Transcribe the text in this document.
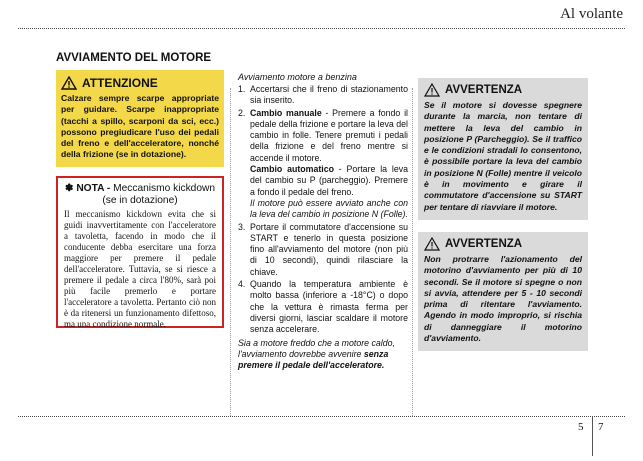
Al volante
AVVIAMENTO DEL MOTORE
ATTENZIONE
Calzare sempre scarpe appropriate per guidare. Scarpe inappropriate (tacchi a spillo, scarponi da sci, ecc.) possono pregiudicare l'uso dei pedali del freno e dell'acceleratore, nonché della frizione (se in dotazione).
✽ NOTA - Meccanismo kickdown
(se in dotazione)
Il meccanismo kickdown evita che si guidi inavvertitamente con l'acceleratore a tavoletta, facendo in modo che il conducente debba esercitare una forza maggiore per premere il pedale dell'acceleratore. Tuttavia, se si riesce a premere il pedale a circa l'80%, sarà poi più facile premerlo e portare l'acceleratore a tavoletta. Pertanto ciò non è da ritenersi un funzionamento difettoso, ma una condizione normale.
Avviamento motore a benzina
1. Accertarsi che il freno di stazionamento sia inserito.
2. Cambio manuale - Premere a fondo il pedale della frizione e portare la leva del cambio in folle. Tenere premuti i pedali della frizione e del freno mentre si accende il motore.
Cambio automatico - Portare la leva del cambio su P (parcheggio). Premere a fondo il pedale del freno.
Il motore può essere avviato anche con la leva del cambio in posizione N (Folle).
3. Portare il commutatore d'accensione su START e tenerlo in questa posizione fino all'avviamento del motore (non più di 10 secondi), quindi rilasciare la chiave.
4. Quando la temperatura ambiente è molto bassa (inferiore a -18°C) o dopo che la vettura è rimasta ferma per diversi giorni, lasciar scaldare il motore senza accelerare.
Sia a motore freddo che a motore caldo, l'avviamento dovrebbe avvenire senza premere il pedale dell'acceleratore.
AVVERTENZA
Se il motore si dovesse spegnere durante la marcia, non tentare di mettere la leva del cambio in posizione P (Parcheggio). Se il traffico e le condizioni stradali lo consentono, è possibile portare la leva del cambio in posizione N (Folle) mentre il veicolo è in movimento e girare il commutatore d'accensione su START per tentare di riavviare il motore.
AVVERTENZA
Non protrarre l'azionamento del motorino d'avviamento per più di 10 secondi. Se il motore si spegne o non si avvia, attendere per 5 - 10 secondi prima di ritentare l'avviamento. Agendo in modo improprio, si rischia di danneggiare il motorino d'avviamento.
5 7
